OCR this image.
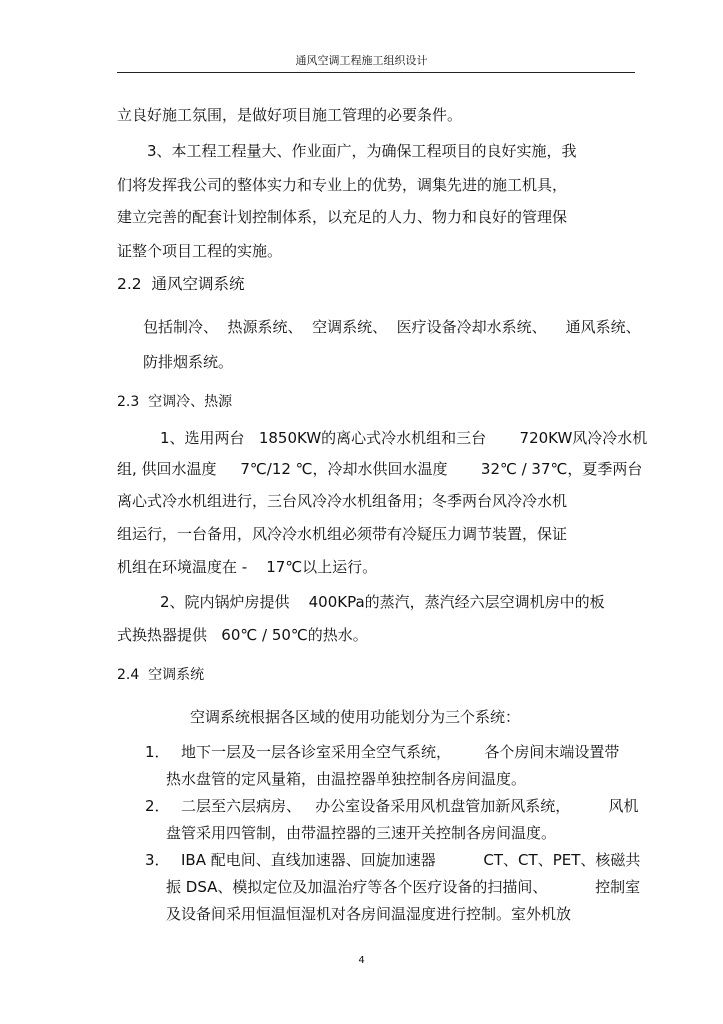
通风空调工程施工组织设计
立良好施工氛围，是做好项目施工管理的必要条件。
3、本工程工程量大、作业面广，为确保工程项目的良好实施，我
们将发挥我公司的整体实力和专业上的优势，调集先进的施工机具，
建立完善的配套计划控制体系，以充足的人力、物力和良好的管理保
证整个项目工程的实施。
2.2  通风空调系统
包括制冷、  热源系统、  空调系统、  医疗设备冷却水系统、    通风系统、
防排烟系统。
2.3  空调冷、热源
1、选用两台   1850KW的离心式冷水机组和三台       720KW风冷冷水机
组, 供回水温度     7℃/12 ℃，冷却水供回水温度       32℃ / 37℃，夏季两台
离心式冷水机组进行，三台风冷冷水机组备用；冬季两台风冷冷水机
组运行，一台备用，风冷冷水机组必须带有冷疑压力调节装置，保证
机组在环境温度在 -    17℃以上运行。
2、院内锅炉房提供    400KPa的蒸汽，蒸汽经六层空调机房中的板
式换热器提供   60℃ / 50℃的热水。
2.4  空调系统
空调系统根据各区域的使用功能划分为三个系统：
1． 地下一层及一层各诊室采用全空气系统，       各个房间末端设置带
热水盘管的定风量箱，由温控器单独控制各房间温度。
2． 二层至六层病房、   办公室设备采用风机盘管加新风系统，        风机
盘管采用四管制，由带温控器的三速开关控制各房间温度。
3． IBA 配电间、直线加速器、回旋加速器          CT、CT、PET、核磁共
振 DSA、模拟定位及加温治疗等各个医疗设备的扫描间、          控制室
及设备间采用恒温恒湿机对各房间温湿度进行控制。室外机放
4
